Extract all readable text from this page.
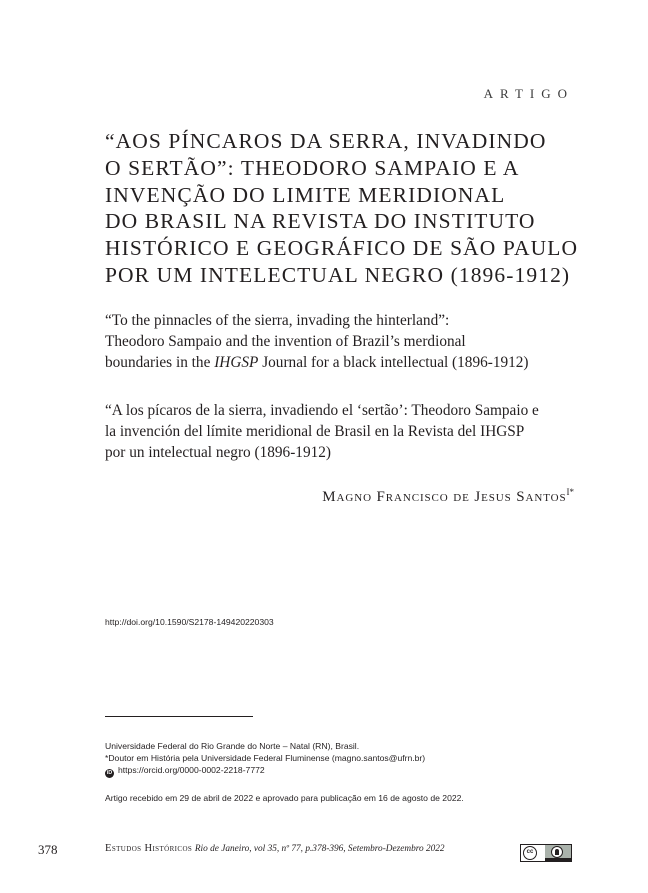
ARTIGO
“AOS PÍNCAROS DA SERRA, INVADINDO
O SERTÃO”: THEODORO SAMPAIO E A
INVENÇÃO DO LIMITE MERIDIONAL
DO BRASIL NA REVISTA DO INSTITUTO
HISTÓRICO E GEOGRÁFICO DE SÃO PAULO
POR UM INTELECTUAL NEGRO (1896-1912)

“To the pinnacles of the sierra, invading the hinterland”:
Theodoro Sampaio and the invention of Brazil’s merdional
boundaries in the IHGSP Journal for a black intellectual (1896-1912)

“A los pícaros de la sierra, invadiendo el ‘sertão’: Theodoro Sampaio e
la invención del límite meridional de Brasil en la Revista del IHGSP
por un intelectual negro (1896-1912)

Magno Francisco de Jesus Santos$^{I*}$
http://doi.org/10.1590/S2178-149420220303
Universidade Federal do Rio Grande do Norte – Natal (RN), Brasil.
*Doutor em História pela Universidade Federal Fluminense (magno.santos@ufrn.br)
iD https://orcid.org/0000-0002-2218-7772
Artigo recebido em 29 de abril de 2022 e aprovado para publicação em 16 de agosto de 2022.
378	Estudos Históricos Rio de Janeiro, vol 35, nº 77, p.378-396, Setembro-Dezembro 2022	cc
